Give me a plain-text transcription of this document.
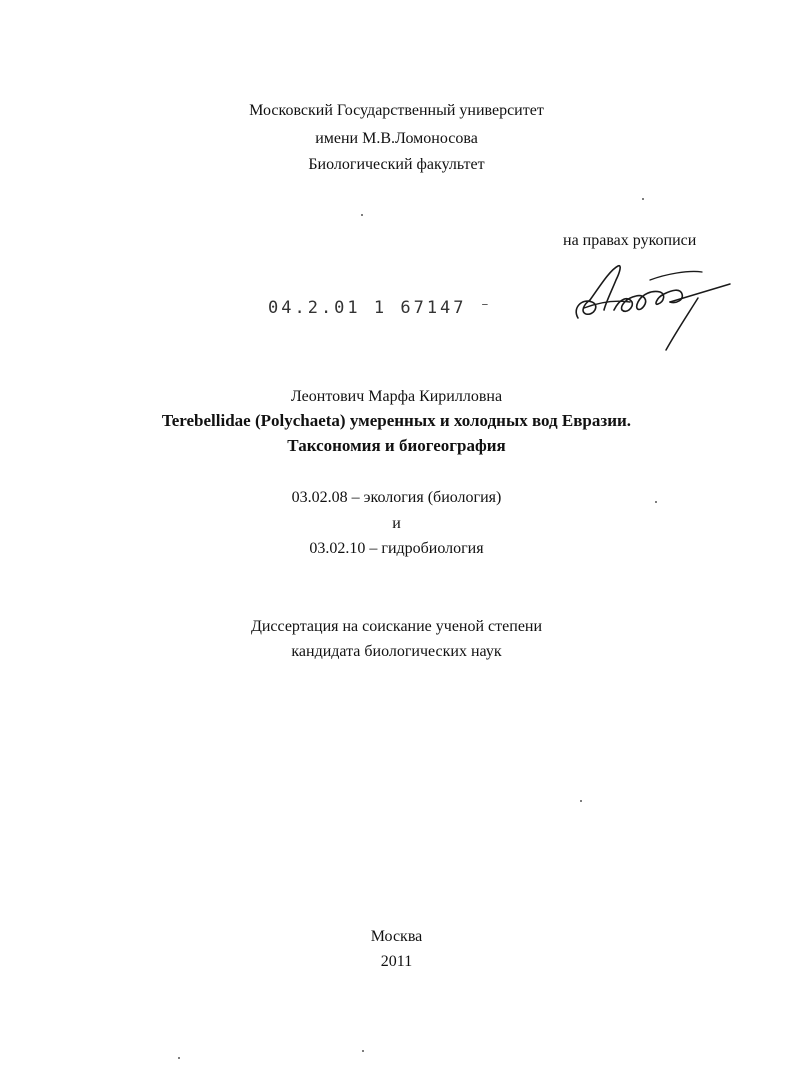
Московский Государственный университет
имени М.В.Ломоносова
Биологический факультет
на правах рукописи
04.2.01 1 67147 ⁻
Леонтович Марфа Кирилловна
Terebellidae (Polychaeta) умеренных и холодных вод Евразии.
Таксономия и биогеография
03.02.08 – экология (биология)
и
03.02.10 – гидробиология
Диссертация на соискание ученой степени
кандидата биологических наук
Москва
2011
